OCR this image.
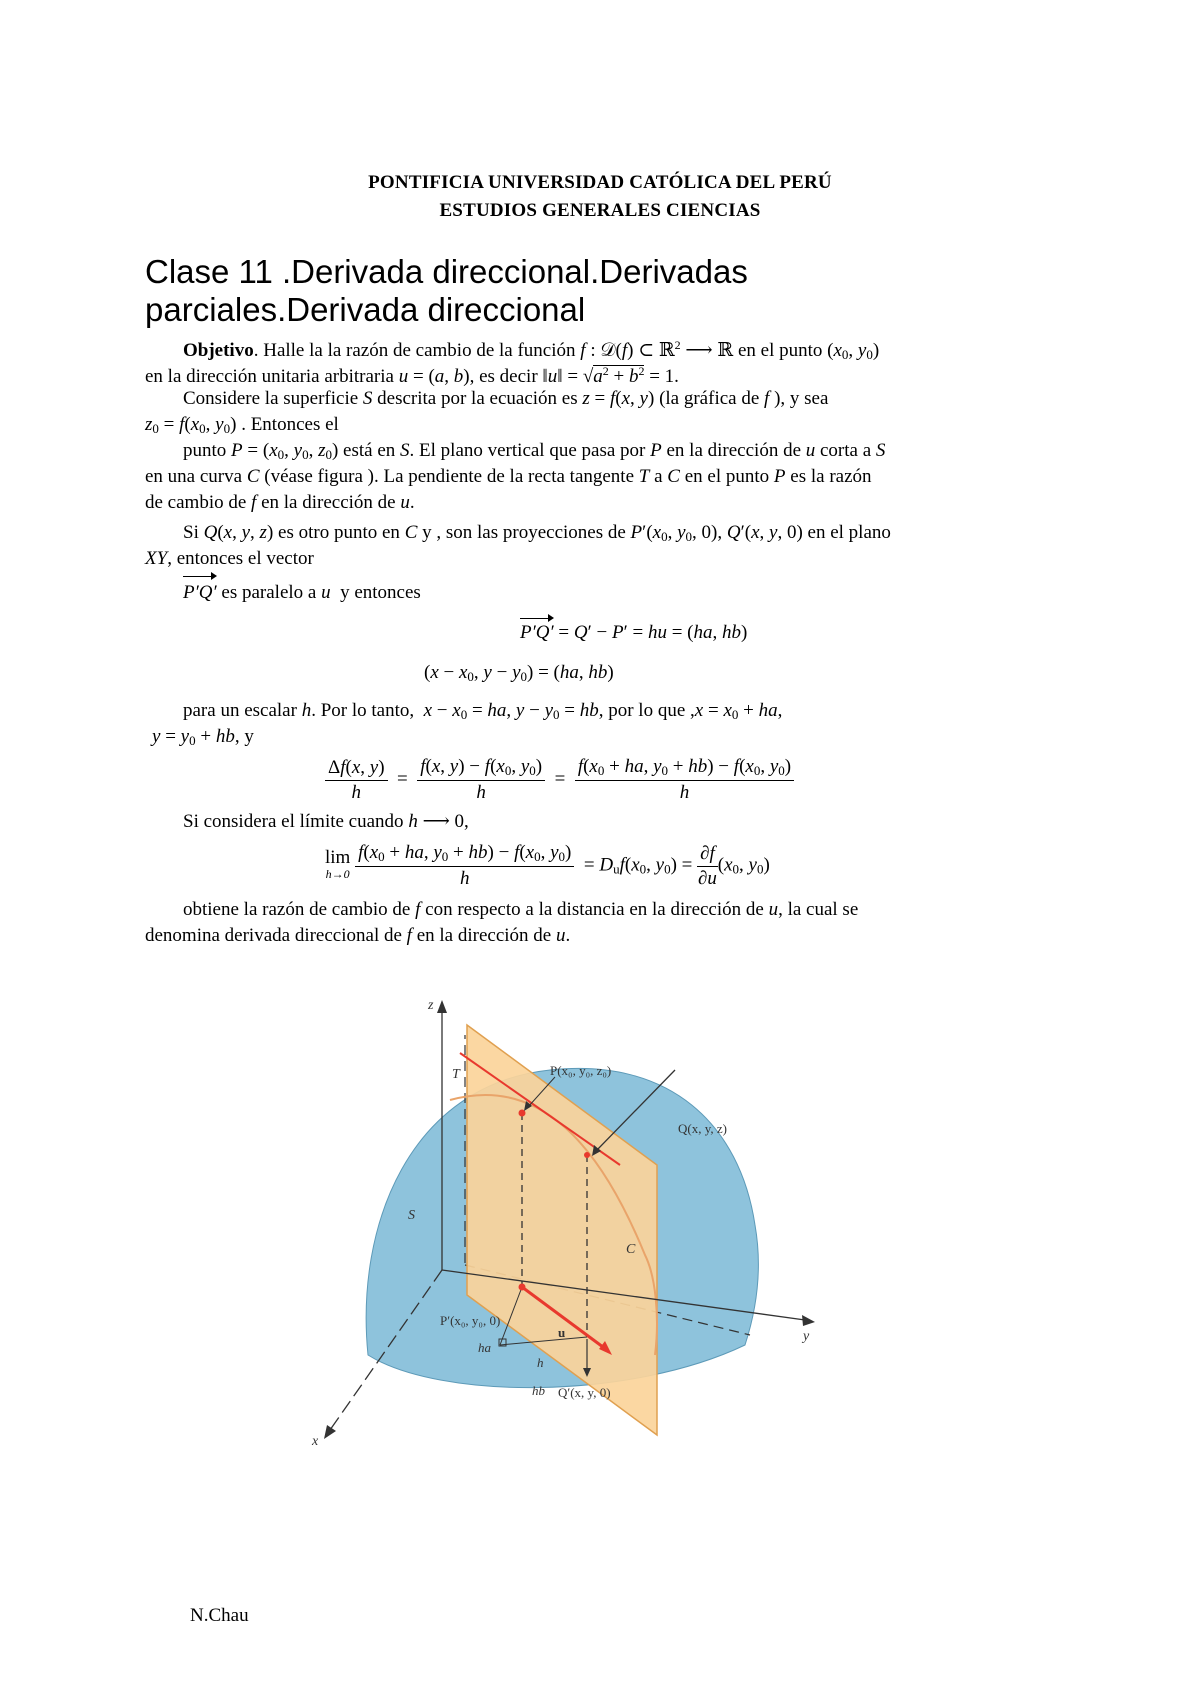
PONTIFICIA UNIVERSIDAD CATÓLICA DEL PERÚ
ESTUDIOS GENERALES CIENCIAS
Clase 11 .Derivada direccional.Derivadas
parciales.Derivada direccional
Objetivo. Halle la la razón de cambio de la función f : 𝒟(f) ⊂ ℝ$^2$ ⟶ ℝ en el punto ($x_0$, $y_0$)
en la dirección unitaria arbitraria u = (a, b), es decir ‖u‖ = $√a^2 + b^2 = 1$.
Considere la superficie S descrita por la ecuación es z = f(x, y) (la gráfica de f ), y sea
$z_0 = f(x_0$, $y_0$) . Entonces el
punto $P = (x_0$, $y_0$, $z_0$) está en S. El plano vertical que pasa por P en la dirección de u corta a S
en una curva C (véase figura ). La pendiente de la recta tangente T a C en el punto P es la razón
de cambio de f en la dirección de u.
Si Q(x, y, z) es otro punto en C y , son las proyecciones de $P'(x_0$, $y_0$, 0), Q′(x, y, 0) en el plano
XY, entonces el vector
P′Q′ es paralelo a u y entonces
P′Q′ = Q′ − P′ = hu = (ha, hb)
($x - x_0$, $y - y_0) = (ha$, hb)
para un escalar h. Por lo tanto, $x - x_0$ = ha, $y - y_0$ = hb, por lo que $,x = x_0$ + ha,
$y = y_0$ + hb, y
$\frac{\Delta f(x, y)}{h} = \frac{f(x, y) - f(x_0, y_0)}{h} = \frac{f(x_0 + ha, y_0 + hb) - f(x_0, y_0)}{h}$
Si considera el límite cuando h ⟶ 0,
lim
h→0
$\frac{f(x_0 + ha, y_0 + hb) - f(x_0, y_0)}{h} = D_uf(x_0$, $y_0) = \frac{\partial f}{\partial u} (x_0$, $y_0$)
obtiene la razón de cambio de f con respecto a la distancia en la dirección de u, la cual se
denomina derivada direccional de f en la dirección de u.
z
y
x
T
S
C
P(x₀, y₀, z₀)
Q(x, y, z)
P′(x₀, y₀, 0)
Q′(x, y, 0)
u
ha
h
hb
N.Chau
